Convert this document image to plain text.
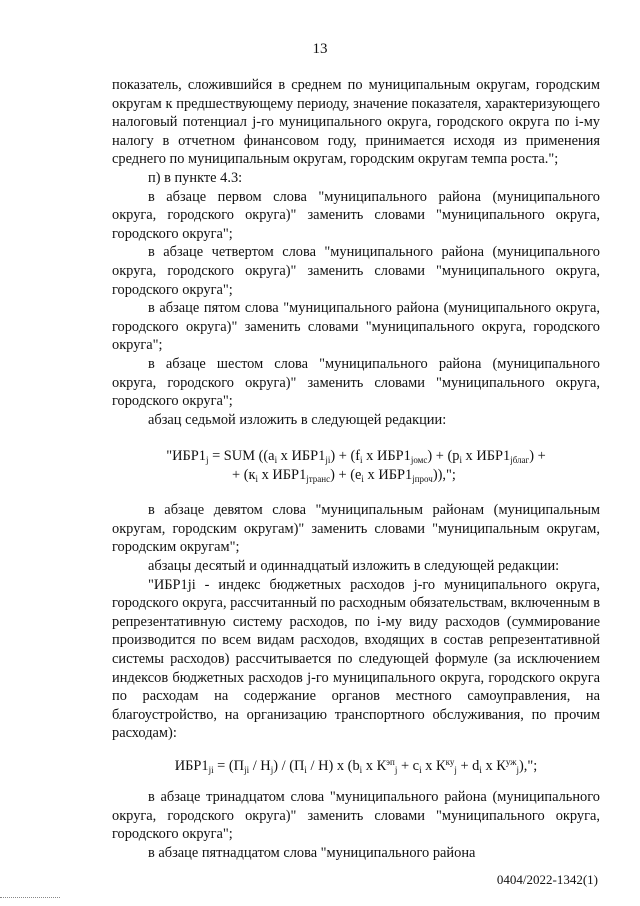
13

показатель, сложившийся в среднем по муниципальным округам, городским округам к предшествующему периоду, значение показателя, характеризующего налоговый потенциал j-го муниципального округа, городского округа по i-му налогу в отчетном финансовом году, принимается исходя из применения среднего по муниципальным округам, городским округам темпа роста.";

п) в пункте 4.3:

в абзаце первом слова "муниципального района (муниципального округа, городского округа)" заменить словами "муниципального округа, городского округа";

в абзаце четвертом слова "муниципального района (муниципального округа, городского округа)" заменить словами "муниципального округа, городского округа";

в абзаце пятом слова "муниципального района (муниципального округа, городского округа)" заменить словами "муниципального округа, городского округа";

в абзаце шестом слова "муниципального района (муниципального округа, городского округа)" заменить словами "муниципального округа, городского округа";

абзац седьмой изложить в следующей редакции:

"$ИБР1_j$ = SUM (($a_i$ x $ИБР1_{ji}) + (f_i$ x $ИБР1_{jомс}) + (p_i$ x $ИБР1_{jблаг}$) +
+ ($к_i$ x $ИБР1_{jтранс}) + (e_i$ x $ИБР1_{jпроч}$)),";

в абзаце девятом слова "муниципальным районам (муниципальным округам, городским округам)" заменить словами "муниципальным округам, городским округам";

абзацы десятый и одиннадцатый изложить в следующей редакции:

"ИБР1ji - индекс бюджетных расходов j-го муниципального округа, городского округа, рассчитанный по расходным обязательствам, включенным в репрезентативную систему расходов, по i-му виду расходов (суммирование производится по всем видам расходов, входящих в состав репрезентативной системы расходов) рассчитывается по следующей формуле (за исключением индексов бюджетных расходов j-го муниципального округа, городского округа по расходам на содержание органов местного самоуправления, на благоустройство, на организацию транспортного обслуживания, по прочим расходам):

$ИБР1_{ji} = (П_{ji} / Н_j) / (П_i / Н)$ x ($b_i$ x $К^{эп}_j + c_i$ x $К^{ку}_j + d_i$ x $К^{уж}_j$),";

в абзаце тринадцатом слова "муниципального района (муниципального округа, городского округа)" заменить словами "муниципального округа, городского округа";

в абзаце пятнадцатом слова "муниципального района

0404/2022-1342(1)
